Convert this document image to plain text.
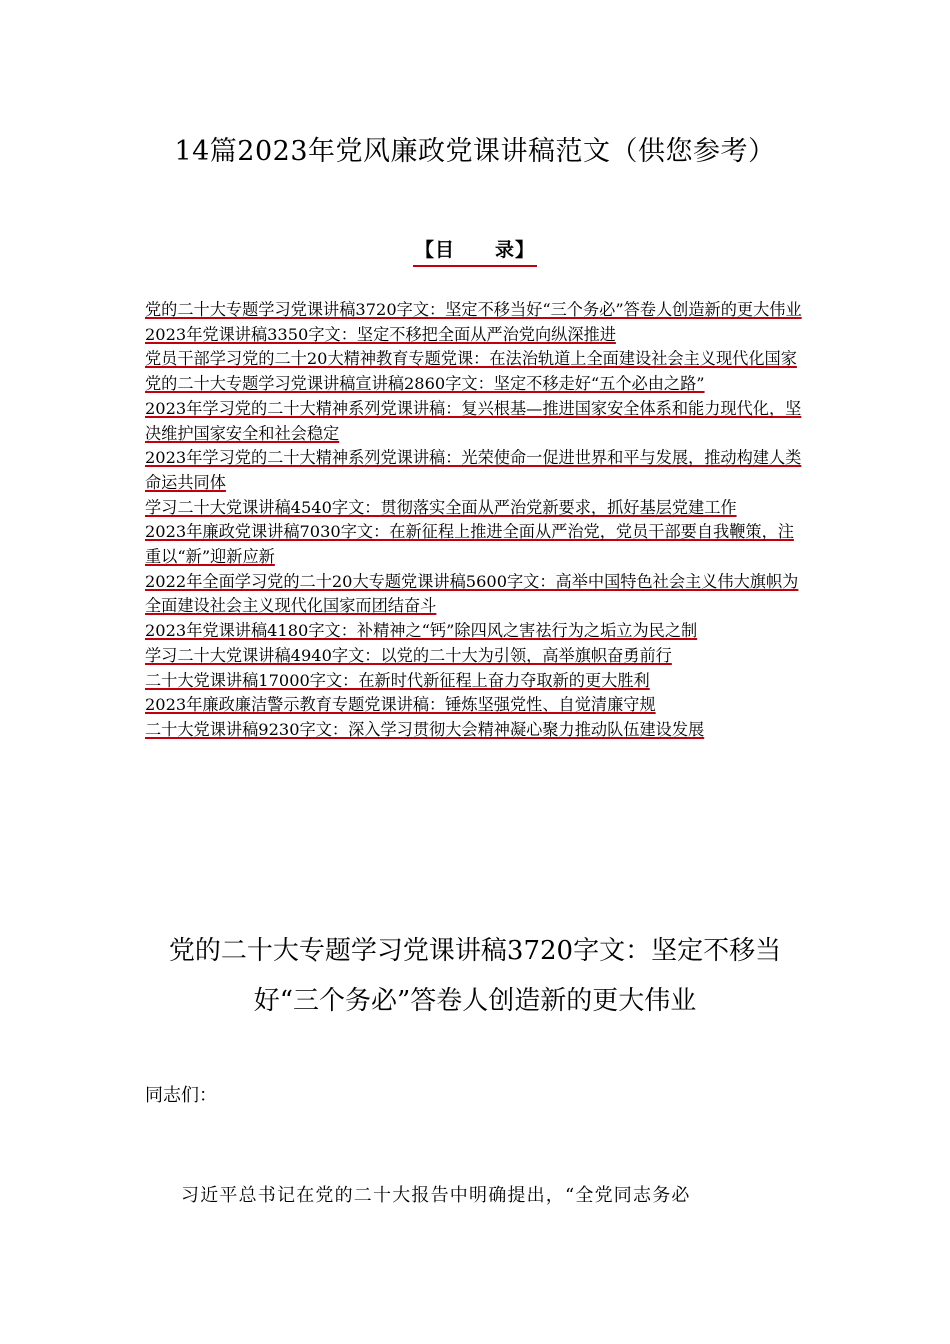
14篇2023年党风廉政党课讲稿范文（供您参考）
【目　　录】
党的二十大专题学习党课讲稿3720字文：坚定不移当好“三个务必”答卷人创造新的更大伟业
2023年党课讲稿3350字文：坚定不移把全面从严治党向纵深推进
党员干部学习党的二十20大精神教育专题党课：在法治轨道上全面建设社会主义现代化国家
党的二十大专题学习党课讲稿宣讲稿2860字文：坚定不移走好“五个必由之路”
2023年学习党的二十大精神系列党课讲稿：复兴根基—推进国家安全体系和能力现代化，坚决维护国家安全和社会稳定
2023年学习党的二十大精神系列党课讲稿：光荣使命一促进世界和平与发展，推动构建人类命运共同体
学习二十大党课讲稿4540字文：贯彻落实全面从严治党新要求，抓好基层党建工作
2023年廉政党课讲稿7030字文：在新征程上推进全面从严治党，党员干部要自我鞭策，注重以“新”迎新应新
2022年全面学习党的二十20大专题党课讲稿5600字文：高举中国特色社会主义伟大旗帜为全面建设社会主义现代化国家而团结奋斗
2023年党课讲稿4180字文：补精神之“钙”除四风之害祛行为之垢立为民之制
学习二十大党课讲稿4940字文：以党的二十大为引领，高举旗帜奋勇前行
二十大党课讲稿17000字文：在新时代新征程上奋力夺取新的更大胜利
2023年廉政廉洁警示教育专题党课讲稿：锤炼坚强党性、自觉清廉守规
二十大党课讲稿9230字文：深入学习贯彻大会精神凝心聚力推动队伍建设发展
党的二十大专题学习党课讲稿3720字文：坚定不移当好“三个务必”答卷人创造新的更大伟业
同志们：
习近平总书记在党的二十大报告中明确提出，“全党同志务必
